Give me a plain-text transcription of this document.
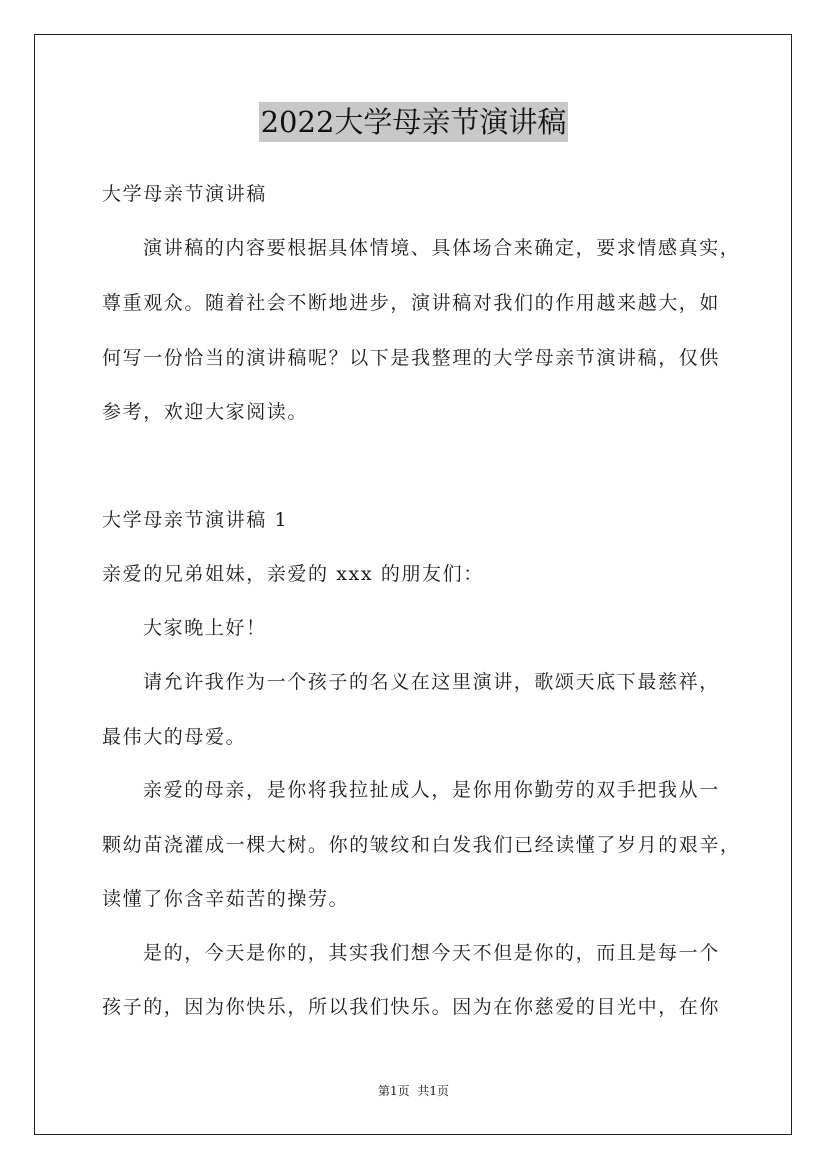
2022大学母亲节演讲稿
大学母亲节演讲稿
演讲稿的内容要根据具体情境、具体场合来确定，要求情感真实，
尊重观众。随着社会不断地进步，演讲稿对我们的作用越来越大，如
何写一份恰当的演讲稿呢？以下是我整理的大学母亲节演讲稿，仅供
参考，欢迎大家阅读。
大学母亲节演讲稿 1
亲爱的兄弟姐妹，亲爱的 xxx 的朋友们：
大家晚上好！
请允许我作为一个孩子的名义在这里演讲，歌颂天底下最慈祥，
最伟大的母爱。
亲爱的母亲，是你将我拉扯成人，是你用你勤劳的双手把我从一
颗幼苗浇灌成一棵大树。你的皱纹和白发我们已经读懂了岁月的艰辛，
读懂了你含辛茹苦的操劳。
是的，今天是你的，其实我们想今天不但是你的，而且是每一个
孩子的，因为你快乐，所以我们快乐。因为在你慈爱的目光中，在你
第1页 共1页
